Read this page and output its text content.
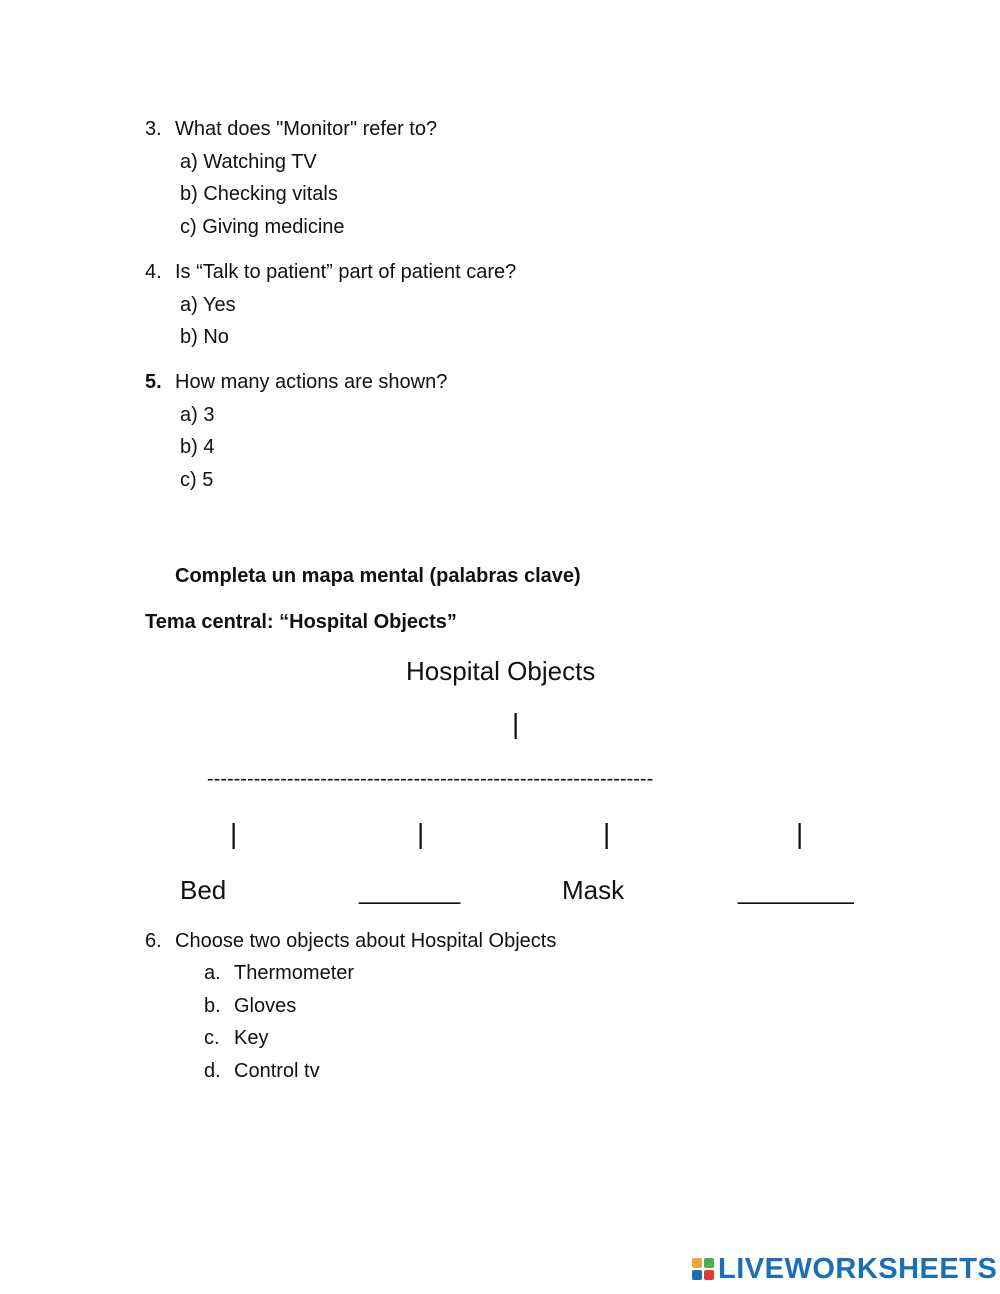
3. What does "Monitor" refer to?
a) Watching TV
b) Checking vitals
c) Giving medicine
4. Is “Talk to patient” part of patient care?
a) Yes
b) No
5. How many actions are shown?
a) 3
b) 4
c) 5
Completa un mapa mental (palabras clave)
Tema central: “Hospital Objects”
Hospital Objects
|
-------------------------------------------------------------------
|	|	|	|
Bed	_______	Mask	________
6. Choose two objects about Hospital Objects
a. Thermometer
b. Gloves
c. Key
d. Control tv
LIVEWORKSHEETS
